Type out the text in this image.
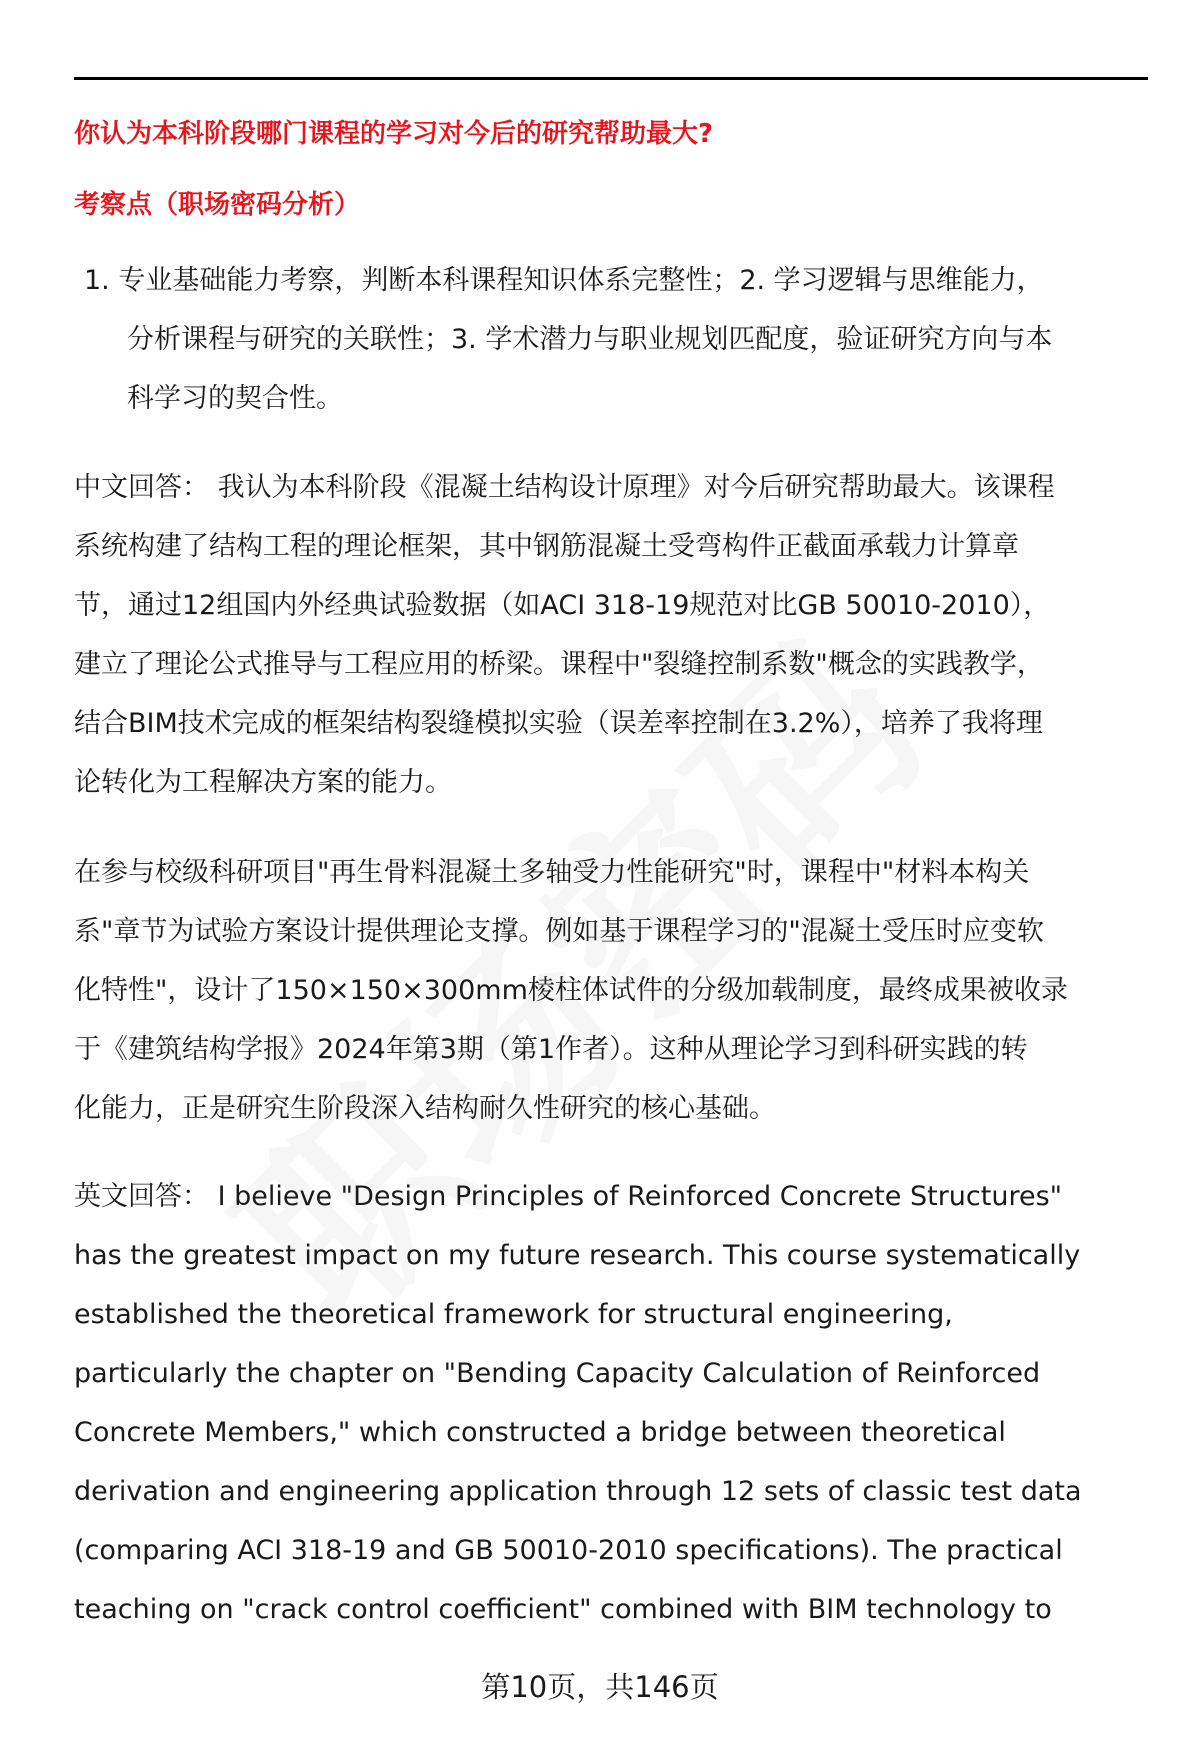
你认为本科阶段哪门课程的学习对今后的研究帮助最大?
考察点（职场密码分析）
1. 专业基础能力考察，判断本科课程知识体系完整性；2. 学习逻辑与思维能力，
分析课程与研究的关联性；3. 学术潜力与职业规划匹配度，验证研究方向与本
科学习的契合性。
中文回答： 我认为本科阶段《混凝土结构设计原理》对今后研究帮助最大。该课程
系统构建了结构工程的理论框架，其中钢筋混凝土受弯构件正截面承载力计算章
节，通过12组国内外经典试验数据（如ACI 318-19规范对比GB 50010-2010），
建立了理论公式推导与工程应用的桥梁。课程中"裂缝控制系数"概念的实践教学，
结合BIM技术完成的框架结构裂缝模拟实验（误差率控制在3.2%），培养了我将理
论转化为工程解决方案的能力。
在参与校级科研项目"再生骨料混凝土多轴受力性能研究"时，课程中"材料本构关
系"章节为试验方案设计提供理论支撑。例如基于课程学习的"混凝土受压时应变软
化特性"，设计了150×150×300mm棱柱体试件的分级加载制度，最终成果被收录
于《建筑结构学报》2024年第3期（第1作者）。这种从理论学习到科研实践的转
化能力，正是研究生阶段深入结构耐久性研究的核心基础。
英文回答： I believe "Design Principles of Reinforced Concrete Structures"
has the greatest impact on my future research. This course systematically
established the theoretical framework for structural engineering,
particularly the chapter on "Bending Capacity Calculation of Reinforced
Concrete Members," which constructed a bridge between theoretical
derivation and engineering application through 12 sets of classic test data
(comparing ACI 318-19 and GB 50010-2010 specifications). The practical
teaching on "crack control coefficient" combined with BIM technology to
第10页，共146页
